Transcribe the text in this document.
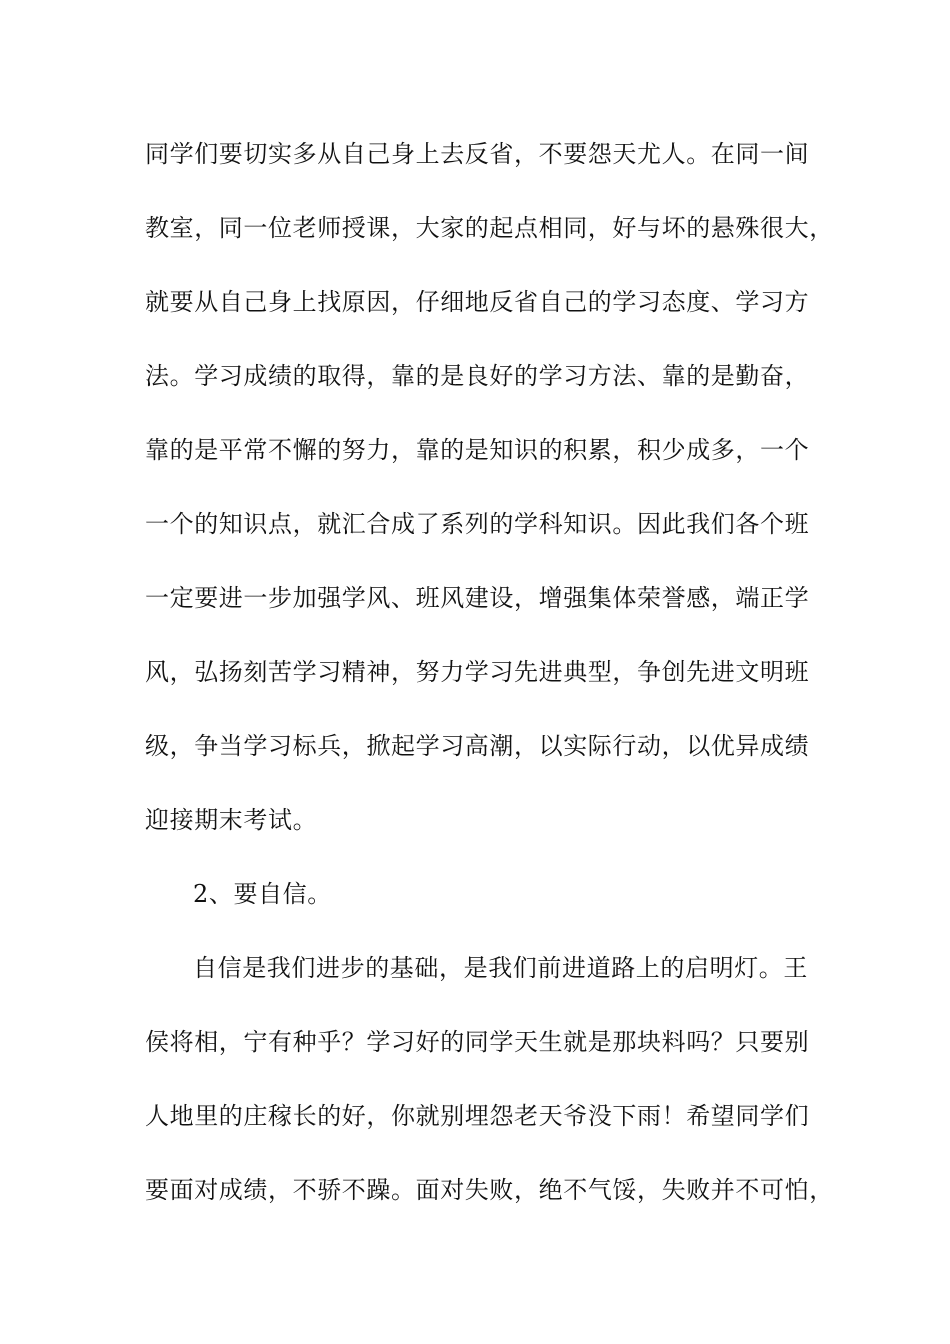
同学们要切实多从自己身上去反省，不要怨天尤人。在同一间
教室，同一位老师授课，大家的起点相同，好与坏的悬殊很大，
就要从自己身上找原因，仔细地反省自己的学习态度、学习方
法。学习成绩的取得，靠的是良好的学习方法、靠的是勤奋，
靠的是平常不懈的努力，靠的是知识的积累，积少成多，一个
一个的知识点，就汇合成了系列的学科知识。因此我们各个班
一定要进一步加强学风、班风建设，增强集体荣誉感，端正学
风，弘扬刻苦学习精神，努力学习先进典型，争创先进文明班
级，争当学习标兵，掀起学习高潮，以实际行动，以优异成绩
迎接期末考试。
2、要自信。
自信是我们进步的基础，是我们前进道路上的启明灯。王
侯将相，宁有种乎？学习好的同学天生就是那块料吗？只要别
人地里的庄稼长的好，你就别埋怨老天爷没下雨！希望同学们
要面对成绩，不骄不躁。面对失败，绝不气馁，失败并不可怕，
